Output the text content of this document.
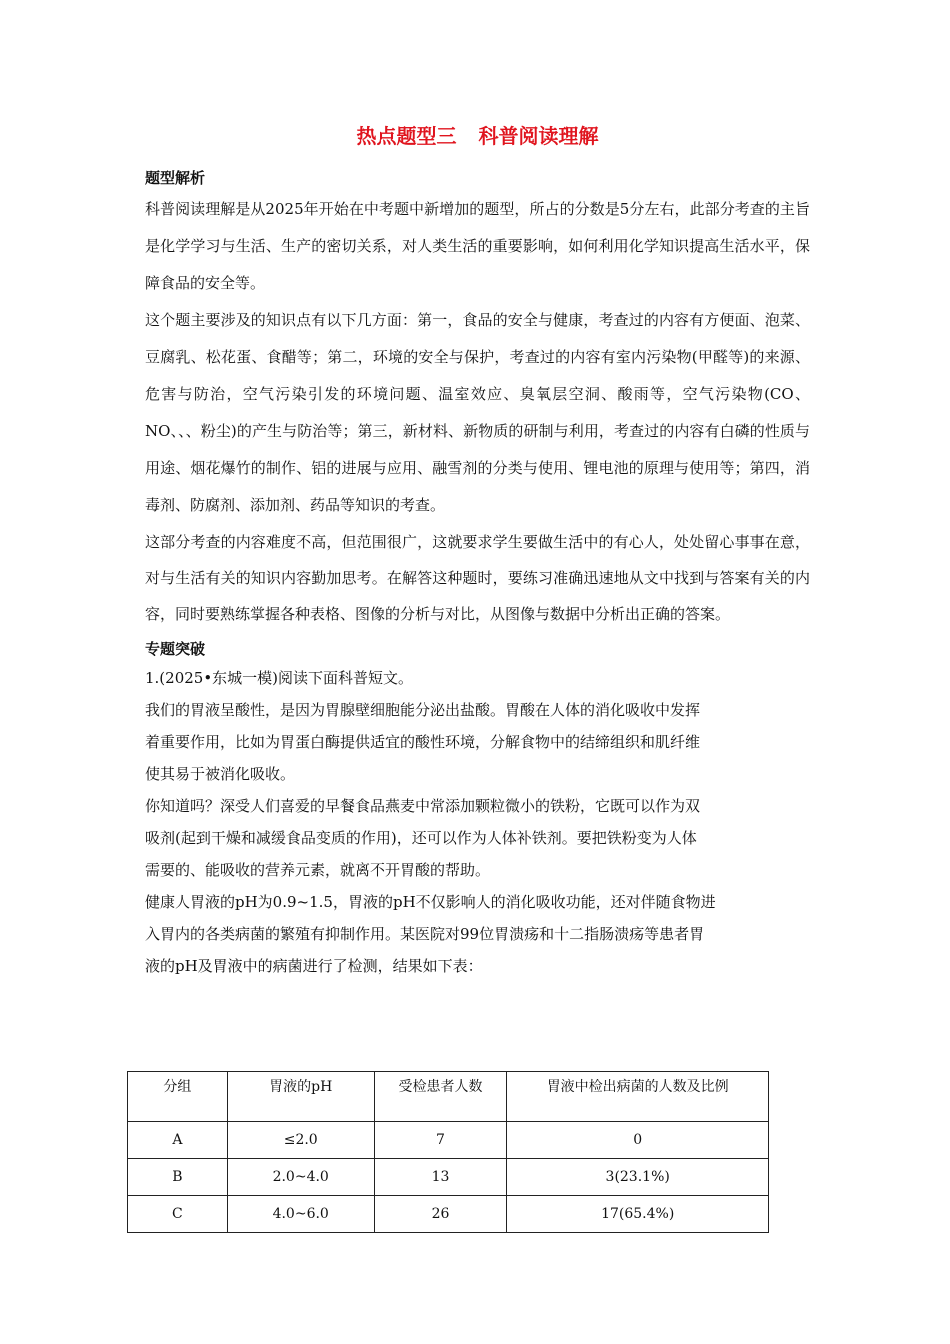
热点题型三 科普阅读理解
题型解析

科普阅读理解是从2025年开始在中考题中新增加的题型，所占的分数是5分左右，此部分考查的主旨是化学学习与生活、生产的密切关系，对人类生活的重要影响，如何利用化学知识提高生活水平，保障食品的安全等。

这个题主要涉及的知识点有以下几方面：第一，食品的安全与健康，考查过的内容有方便面、泡菜、豆腐乳、松花蛋、食醋等；第二，环境的安全与保护，考查过的内容有室内污染物(甲醛等)的来源、危害与防治，空气污染引发的环境问题、温室效应、臭氧层空洞、酸雨等，空气污染物(CO、NO、、、粉尘)的产生与防治等；第三，新材料、新物质的研制与利用，考查过的内容有白磷的性质与用途、烟花爆竹的制作、铝的进展与应用、融雪剂的分类与使用、锂电池的原理与使用等；第四，消毒剂、防腐剂、添加剂、药品等知识的考查。

这部分考查的内容难度不高，但范围很广，这就要求学生要做生活中的有心人，处处留心事事在意，对与生活有关的知识内容勤加思考。在解答这种题时，要练习准确迅速地从文中找到与答案有关的内容，同时要熟练掌握各种表格、图像的分析与对比，从图像与数据中分析出正确的答案。

专题突破

1.(2025•东城一模)阅读下面科普短文。

我们的胃液呈酸性，是因为胃腺壁细胞能分泌出盐酸。胃酸在人体的消化吸收中发挥

着重要作用，比如为胃蛋白酶提供适宜的酸性环境，分解食物中的结缔组织和肌纤维

使其易于被消化吸收。

你知道吗？深受人们喜爱的早餐食品燕麦中常添加颗粒微小的铁粉，它既可以作为双

吸剂(起到干燥和减缓食品变质的作用)，还可以作为人体补铁剂。要把铁粉变为人体

需要的、能吸收的营养元素，就离不开胃酸的帮助。

健康人胃液的pH为0.9~1.5，胃液的pH不仅影响人的消化吸收功能，还对伴随食物进

入胃内的各类病菌的繁殖有抑制作用。某医院对99位胃溃疡和十二指肠溃疡等患者胃

液的pH及胃液中的病菌进行了检测，结果如下表：

分组	胃液的pH	受检患者人数	胃液中检出病菌的人数及比例
A	≤2.0	7	0
B	2.0~4.0	13	3(23.1%)
C	4.0~6.0	26	17(65.4%)
